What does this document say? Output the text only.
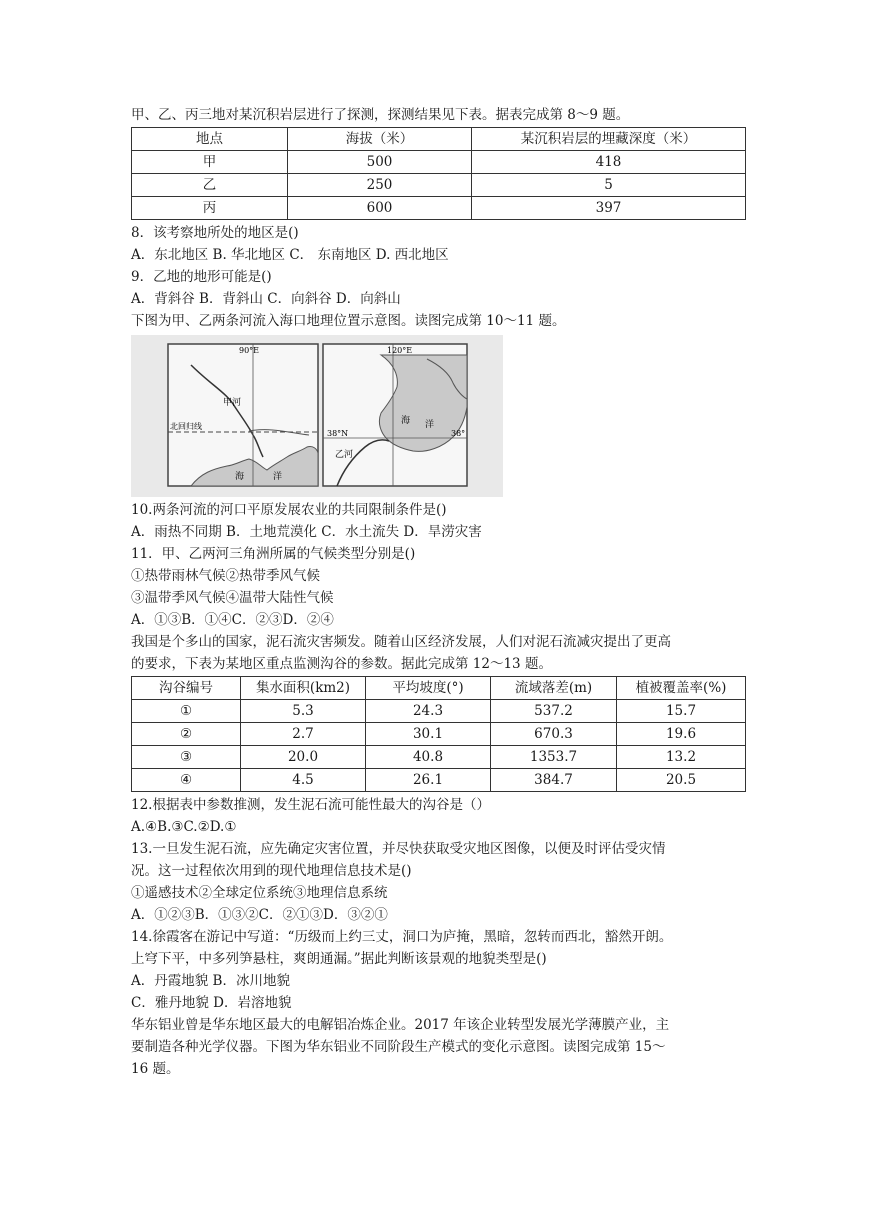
甲、乙、丙三地对某沉积岩层进行了探测，探测结果见下表。据表完成第 8～9 题。
地点	海拔（米）	某沉积岩层的埋藏深度（米）
甲	500	418
乙	250	5
丙	600	397
8．该考察地所处的地区是()
A．东北地区 B. 华北地区 C． 东南地区 D. 西北地区
9．乙地的地形可能是()
A．背斜谷 B．背斜山 C．向斜谷 D．向斜山
下图为甲、乙两条河流入海口地理位置示意图。读图完成第 10～11 题。
90°E
甲河
北回归线
海	洋
120°E
38°N	38°
乙河
海 洋
10.两条河流的河口平原发展农业的共同限制条件是()
A．雨热不同期 B．土地荒漠化 C．水土流失 D．旱涝灾害
11．甲、乙两河三角洲所属的气候类型分别是()
①热带雨林气候②热带季风气候
③温带季风气候④温带大陆性气候
A．①③B．①④C．②③D．②④
我国是个多山的国家，泥石流灾害频发。随着山区经济发展，人们对泥石流减灾提出了更高
的要求，下表为某地区重点监测沟谷的参数。据此完成第 12～13 题。
沟谷编号	集水面积(km2)	平均坡度(°)	流域落差(m)	植被覆盖率(%)
①	5.3	24.3	537.2	15.7
②	2.7	30.1	670.3	19.6
③	20.0	40.8	1353.7	13.2
④	4.5	26.1	384.7	20.5
12.根据表中参数推测，发生泥石流可能性最大的沟谷是（）
A.④B.③C.②D.①
13.一旦发生泥石流，应先确定灾害位置，并尽快获取受灾地区图像，以便及时评估受灾情
况。这一过程依次用到的现代地理信息技术是()
①遥感技术②全球定位系统③地理信息系统
A．①②③B．①③②C．②①③D．③②①
14.徐霞客在游记中写道：“历级而上约三丈，洞口为庐掩，黑暗，忽转而西北，豁然开朗。
上穹下平，中多列笋悬柱，爽朗通漏。”据此判断该景观的地貌类型是()
A．丹霞地貌 B．冰川地貌
C．雅丹地貌 D．岩溶地貌
华东铝业曾是华东地区最大的电解铝冶炼企业。2017 年该企业转型发展光学薄膜产业，主
要制造各种光学仪器。下图为华东铝业不同阶段生产模式的变化示意图。读图完成第 15～
16 题。
